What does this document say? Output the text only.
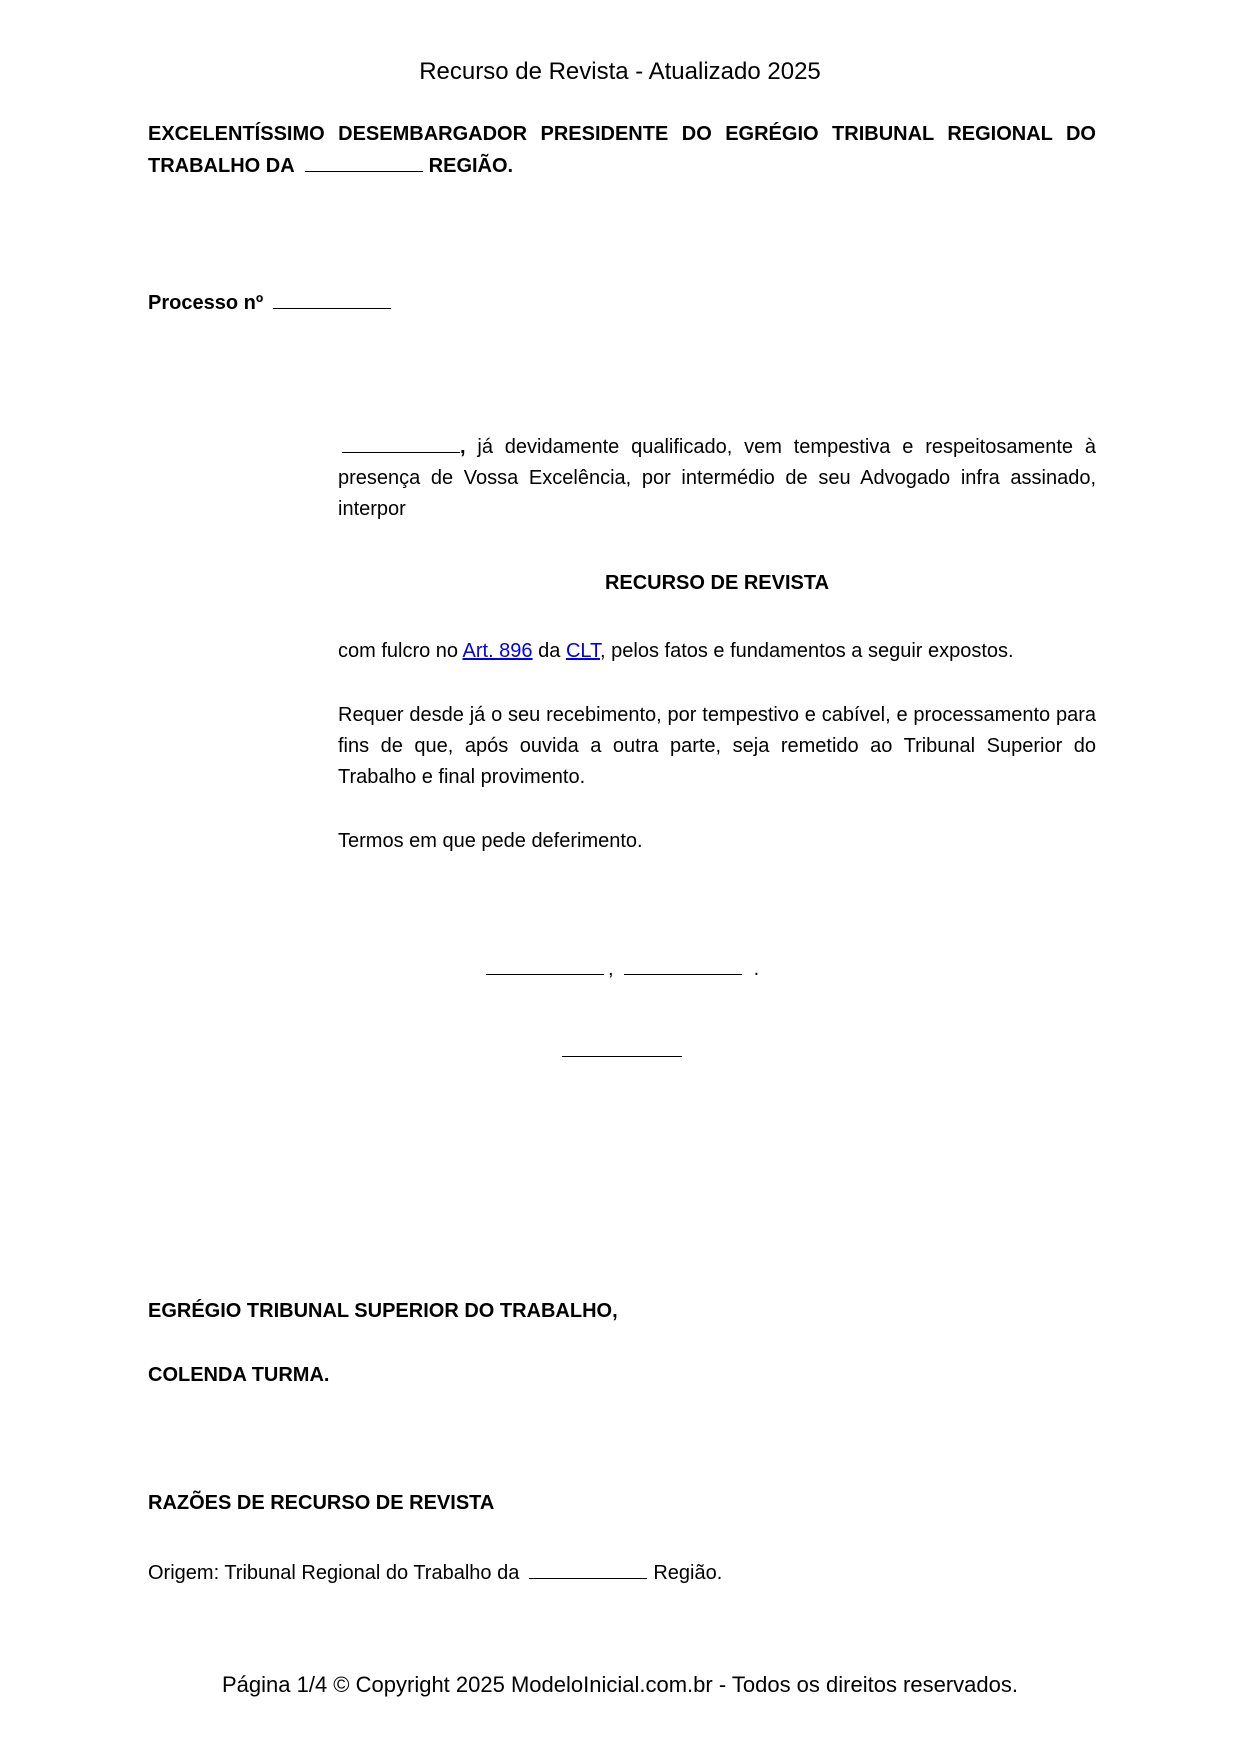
Recurso de Revista - Atualizado 2025
EXCELENTÍSSIMO DESEMBARGADOR PRESIDENTE DO EGRÉGIO TRIBUNAL REGIONAL DO TRABALHO DA	REGIÃO.
Processo nº
, já devidamente qualificado, vem tempestiva e respeitosamente à presença de Vossa Excelência, por intermédio de seu Advogado infra assinado, interpor
RECURSO DE REVISTA
com fulcro no Art. 896 da CLT, pelos fatos e fundamentos a seguir expostos.
Requer desde já o seu recebimento, por tempestivo e cabível, e processamento para fins de que, após ouvida a outra parte, seja remetido ao Tribunal Superior do Trabalho e final provimento.
Termos em que pede deferimento.
,	.
EGRÉGIO TRIBUNAL SUPERIOR DO TRABALHO,
COLENDA TURMA.
RAZÕES DE RECURSO DE REVISTA
Origem: Tribunal Regional do Trabalho da	Região.
Página 1/4 © Copyright 2025 ModeloInicial.com.br - Todos os direitos reservados.
